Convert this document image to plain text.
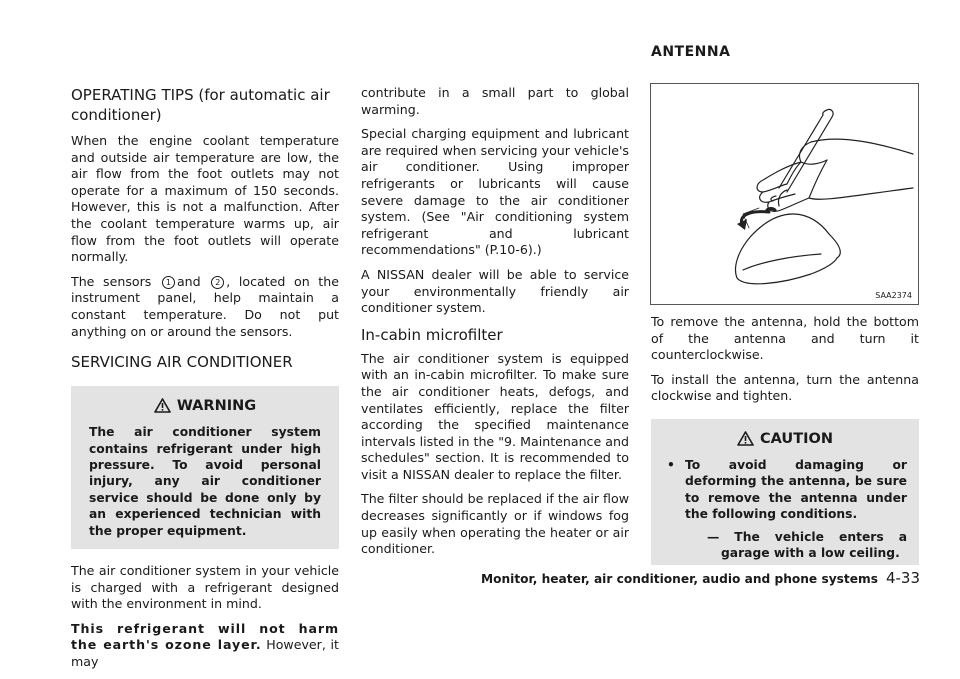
ANTENNA
OPERATING TIPS (for automatic air conditioner)

When the engine coolant temperature and outside air temperature are low, the air flow from the foot outlets may not operate for a maximum of 150 seconds. However, this is not a malfunction. After the coolant temperature warms up, air flow from the foot outlets will operate normally.

The sensors 1 and 2 , located on the instrument panel, help maintain a constant temperature. Do not put anything on or around the sensors.

SERVICING AIR CONDITIONER
WARNING
The air conditioner system contains refrigerant under high pressure. To avoid personal injury, any air conditioner service should be done only by an experienced technician with the proper equipment.

The air conditioner system in your vehicle is charged with a refrigerant designed with the environment in mind.

This refrigerant will not harm the earth's ozone layer. However, it may

contribute in a small part to global warming.

Special charging equipment and lubricant are required when servicing your vehicle's air conditioner. Using improper refrigerants or lubricants will cause severe damage to the air conditioner system. (See "Air conditioning system refrigerant and lubricant recommendations" (P.10-6).)

A NISSAN dealer will be able to service your environmentally friendly air conditioner system.

In-cabin microfilter

The air conditioner system is equipped with an in-cabin microfilter. To make sure the air conditioner heats, defogs, and ventilates efficiently, replace the filter according the specified maintenance intervals listed in the "9. Maintenance and schedules" section. It is recommended to visit a NISSAN dealer to replace the filter.

The filter should be replaced if the air flow decreases significantly or if windows fog up easily when operating the heater or air conditioner.

SAA2374

To remove the antenna, hold the bottom of the antenna and turn it counterclockwise.

To install the antenna, turn the antenna clockwise and tighten.

CAUTION
• To avoid damaging or deforming the antenna, be sure to remove the antenna under the following conditions.
— The vehicle enters a garage with a low ceiling.
Monitor, heater, air conditioner, audio and phone systems 4-33
